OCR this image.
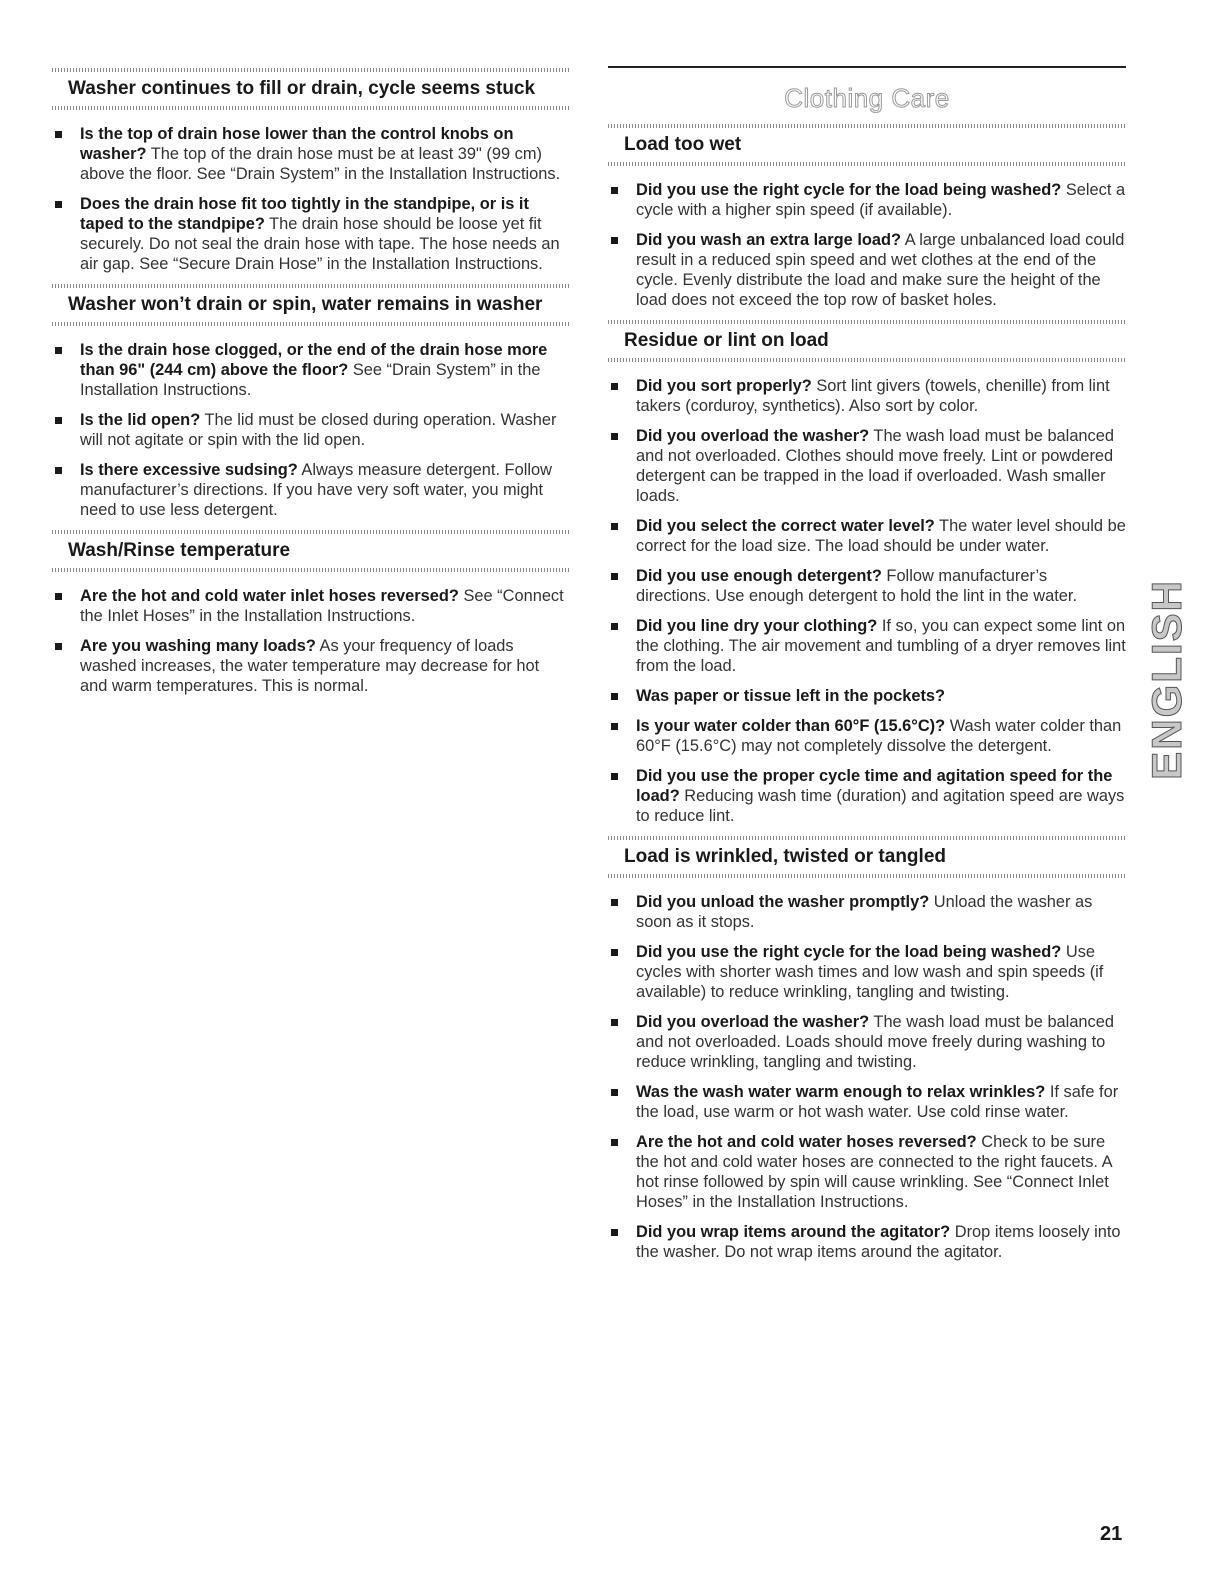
Washer continues to fill or drain, cycle seems stuck
Is the top of drain hose lower than the control knobs on washer? The top of the drain hose must be at least 39" (99 cm) above the floor. See “Drain System” in the Installation Instructions.
Does the drain hose fit too tightly in the standpipe, or is it taped to the standpipe? The drain hose should be loose yet fit securely. Do not seal the drain hose with tape. The hose needs an air gap. See “Secure Drain Hose” in the Installation Instructions.
Washer won’t drain or spin, water remains in washer
Is the drain hose clogged, or the end of the drain hose more than 96" (244 cm) above the floor? See “Drain System” in the Installation Instructions.
Is the lid open? The lid must be closed during operation. Washer will not agitate or spin with the lid open.
Is there excessive sudsing? Always measure detergent. Follow manufacturer’s directions. If you have very soft water, you might need to use less detergent.
Wash/Rinse temperature
Are the hot and cold water inlet hoses reversed? See “Connect the Inlet Hoses” in the Installation Instructions.
Are you washing many loads? As your frequency of loads washed increases, the water temperature may decrease for hot and warm temperatures. This is normal.
Clothing Care
Load too wet
Did you use the right cycle for the load being washed? Select a cycle with a higher spin speed (if available).
Did you wash an extra large load? A large unbalanced load could result in a reduced spin speed and wet clothes at the end of the cycle. Evenly distribute the load and make sure the height of the load does not exceed the top row of basket holes.
Residue or lint on load
Did you sort properly? Sort lint givers (towels, chenille) from lint takers (corduroy, synthetics). Also sort by color.
Did you overload the washer? The wash load must be balanced and not overloaded. Clothes should move freely. Lint or powdered detergent can be trapped in the load if overloaded. Wash smaller loads.
Did you select the correct water level? The water level should be correct for the load size. The load should be under water.
Did you use enough detergent? Follow manufacturer’s directions. Use enough detergent to hold the lint in the water.
Did you line dry your clothing? If so, you can expect some lint on the clothing. The air movement and tumbling of a dryer removes lint from the load.
Was paper or tissue left in the pockets?
Is your water colder than 60°F (15.6°C)? Wash water colder than 60°F (15.6°C) may not completely dissolve the detergent.
Did you use the proper cycle time and agitation speed for the load? Reducing wash time (duration) and agitation speed are ways to reduce lint.
Load is wrinkled, twisted or tangled
Did you unload the washer promptly? Unload the washer as soon as it stops.
Did you use the right cycle for the load being washed? Use cycles with shorter wash times and low wash and spin speeds (if available) to reduce wrinkling, tangling and twisting.
Did you overload the washer? The wash load must be balanced and not overloaded. Loads should move freely during washing to reduce wrinkling, tangling and twisting.
Was the wash water warm enough to relax wrinkles? If safe for the load, use warm or hot wash water. Use cold rinse water.
Are the hot and cold water hoses reversed? Check to be sure the hot and cold water hoses are connected to the right faucets. A hot rinse followed by spin will cause wrinkling. See “Connect Inlet Hoses” in the Installation Instructions.
Did you wrap items around the agitator? Drop items loosely into the washer. Do not wrap items around the agitator.
ENGLISH
21
